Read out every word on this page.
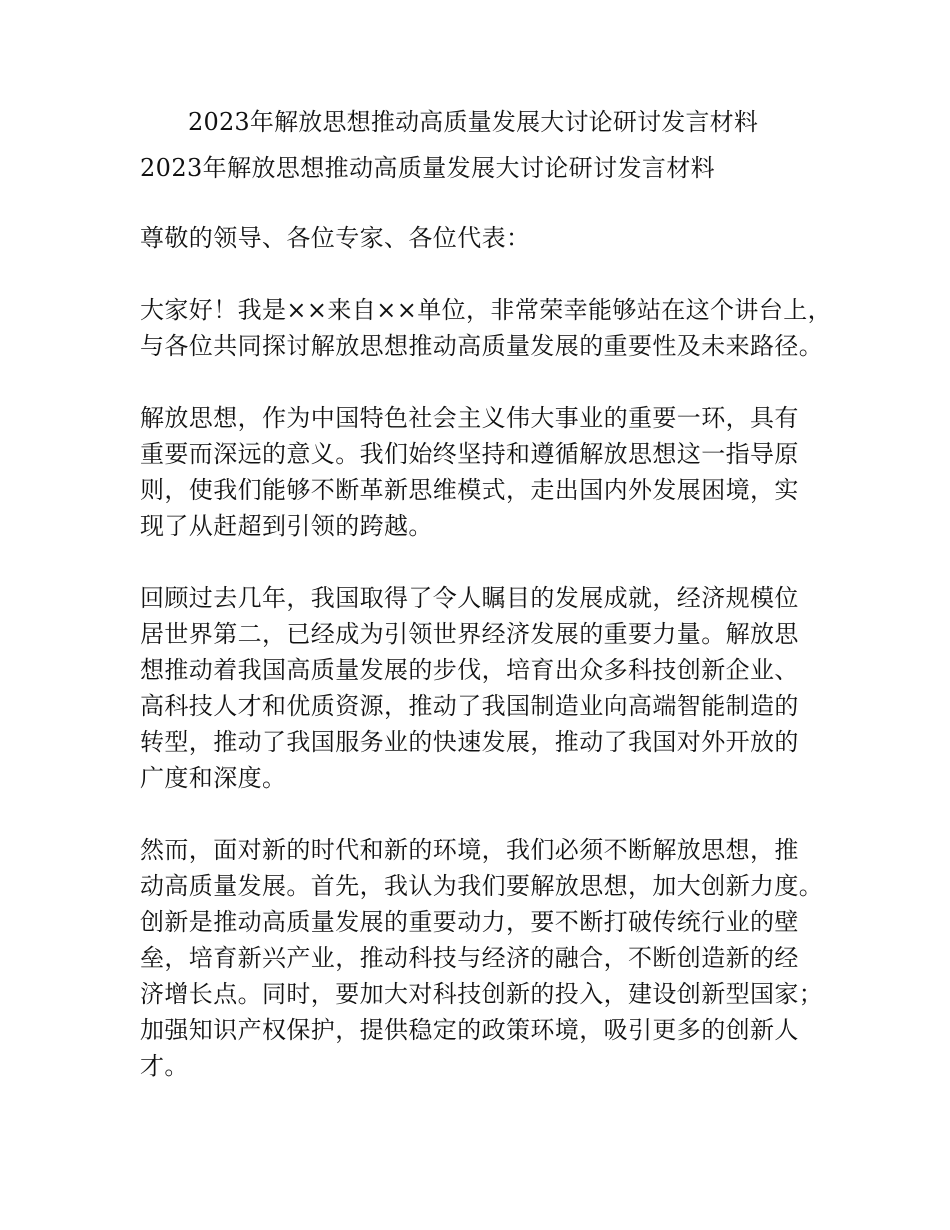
2023年解放思想推动高质量发展大讨论研讨发言材料
2023年解放思想推动高质量发展大讨论研讨发言材料
尊敬的领导、各位专家、各位代表：
大家好！我是××来自××单位，非常荣幸能够站在这个讲台上，
与各位共同探讨解放思想推动高质量发展的重要性及未来路径。
解放思想，作为中国特色社会主义伟大事业的重要一环，具有
重要而深远的意义。我们始终坚持和遵循解放思想这一指导原
则，使我们能够不断革新思维模式，走出国内外发展困境，实
现了从赶超到引领的跨越。
回顾过去几年，我国取得了令人瞩目的发展成就，经济规模位
居世界第二，已经成为引领世界经济发展的重要力量。解放思
想推动着我国高质量发展的步伐，培育出众多科技创新企业、
高科技人才和优质资源，推动了我国制造业向高端智能制造的
转型，推动了我国服务业的快速发展，推动了我国对外开放的
广度和深度。
然而，面对新的时代和新的环境，我们必须不断解放思想，推
动高质量发展。首先，我认为我们要解放思想，加大创新力度。
创新是推动高质量发展的重要动力，要不断打破传统行业的壁
垒，培育新兴产业，推动科技与经济的融合，不断创造新的经
济增长点。同时，要加大对科技创新的投入，建设创新型国家；
加强知识产权保护，提供稳定的政策环境，吸引更多的创新人
才。
